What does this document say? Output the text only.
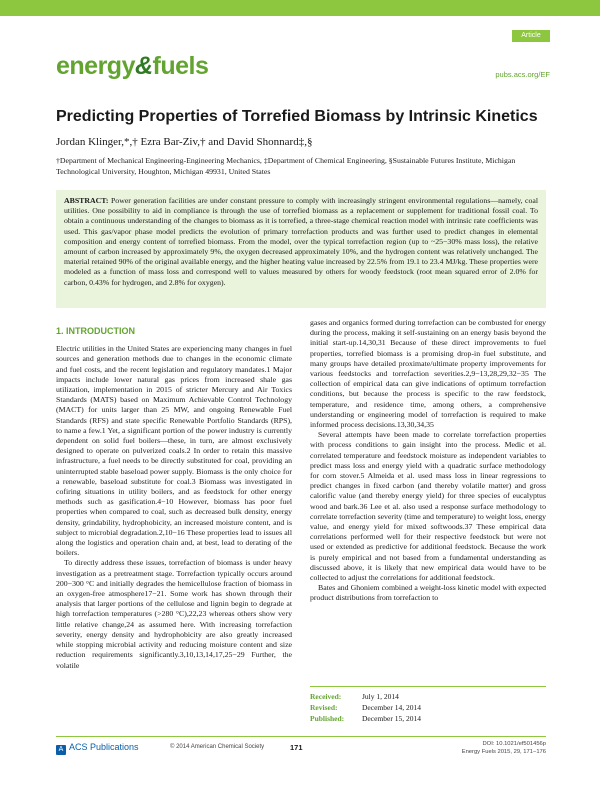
Article
energy&fuels	pubs.acs.org/EF
Predicting Properties of Torrefied Biomass by Intrinsic Kinetics
Jordan Klinger,*,† Ezra Bar-Ziv,† and David Shonnard‡,§
†Department of Mechanical Engineering-Engineering Mechanics, ‡Department of Chemical Engineering, §Sustainable Futures Institute, Michigan Technological University, Houghton, Michigan 49931, United States
ABSTRACT: Power generation facilities are under constant pressure to comply with increasingly stringent environmental regulations—namely, coal utilities. One possibility to aid in compliance is through the use of torrefied biomass as a replacement or supplement for traditional fossil coal. To obtain a continuous understanding of the changes to biomass as it is torrefied, a three-stage chemical reaction model with intrinsic rate coefficients was used. This gas/vapor phase model predicts the evolution of primary torrefaction products and was further used to predict changes in elemental composition and energy content of torrefied biomass. From the model, over the typical torrefaction region (up to ~25−30% mass loss), the relative amount of carbon increased by approximately 9%, the oxygen decreased approximately 10%, and the hydrogen content was relatively unchanged. The material retained 90% of the original available energy, and the higher heating value increased by 22.5% from 19.1 to 23.4 MJ/kg. These properties were modeled as a function of mass loss and correspond well to values measured by others for woody feedstock (root mean squared error of 2.0% for carbon, 0.43% for hydrogen, and 2.8% for oxygen).
1. INTRODUCTION

Electric utilities in the United States are experiencing many changes in fuel sources and generation methods due to changes in the economic climate and fuel costs, and the recent legislation and regulatory mandates.1 Major impacts include lower natural gas prices from increased shale gas utilization, implementation in 2015 of stricter Mercury and Air Toxics Standards (MATS) based on Maximum Achievable Control Technology (MACT) for units larger than 25 MW, and ongoing Renewable Fuel Standards (RFS) and state specific Renewable Portfolio Standards (RPS), to name a few.1 Yet, a significant portion of the power industry is currently dependent on solid fuel boilers—these, in turn, are almost exclusively designed to operate on pulverized coals.2 In order to retain this massive infrastructure, a fuel needs to be directly substituted for coal, providing an uninterrupted stable baseload power supply. Biomass is the only choice for a renewable, baseload substitute for coal.3 Biomass was investigated in cofiring situations in utility boilers, and as feedstock for other energy methods such as gasification.4−10 However, biomass has poor fuel properties when compared to coal, such as decreased bulk density, energy density, grindability, hydrophobicity, an increased moisture content, and is subject to microbial degradation.2,10−16 These properties lead to issues all along the logistics and operation chain and, at best, lead to derating of the boilers.

To directly address these issues, torrefaction of biomass is under heavy investigation as a pretreatment stage. Torrefaction typically occurs around 200−300 °C and initially degrades the hemicellulose fraction of biomass in an oxygen-free atmosphere17−21. Some work has shown through their analysis that larger portions of the cellulose and lignin begin to degrade at high torrefaction temperatures (>280 °C),22,23 whereas others show very little relative change,24 as assumed here. With increasing torrefaction severity, energy density and hydrophobicity are also greatly increased while stopping microbial activity and reducing moisture content and size reduction requirements significantly.3,10,13,14,17,25−29 Further, the volatile

gases and organics formed during torrefaction can be combusted for energy during the process, making it self-sustaining on an energy basis beyond the initial start-up.14,30,31 Because of these direct improvements to fuel properties, torrefied biomass is a promising drop-in fuel substitute, and many groups have detailed proximate/ultimate property improvements for various feedstocks and torrefaction severities.2,9−13,28,29,32−35 The collection of empirical data can give indications of optimum torrefaction conditions, but because the process is specific to the raw feedstock, temperature, and residence time, among others, a comprehensive understanding or engineering model of torrefaction is required to make informed process decisions.13,30,34,35

Several attempts have been made to correlate torrefaction properties with process conditions to gain insight into the process. Medic et al. correlated temperature and feedstock moisture as independent variables to predict mass loss and energy yield with a quadratic surface methodology for corn stover.5 Almeida et al. used mass loss in linear regressions to predict changes in fixed carbon (and thereby volatile matter) and gross calorific value (and thereby energy yield) for three species of eucalyptus wood and bark.36 Lee et al. also used a response surface methodology to correlate torrefaction severity (time and temperature) to weight loss, energy value, and energy yield for mixed softwoods.37 These empirical data correlations performed well for their respective feedstock but were not used or extended as predictive for additional feedstock. Because the work is purely empirical and not based from a fundamental understanding as discussed above, it is likely that new empirical data would have to be collected to adjust the correlations for additional feedstock.

Bates and Ghoniem combined a weight-loss kinetic model with expected product distributions from torrefaction to

Received:	July 1, 2014
Revised:	December 14, 2014
Published: December 15, 2014
A ACS Publications	© 2014 American Chemical Society	171	DOI: 10.1021/ef501456p
Energy Fuels 2015, 29, 171−176
